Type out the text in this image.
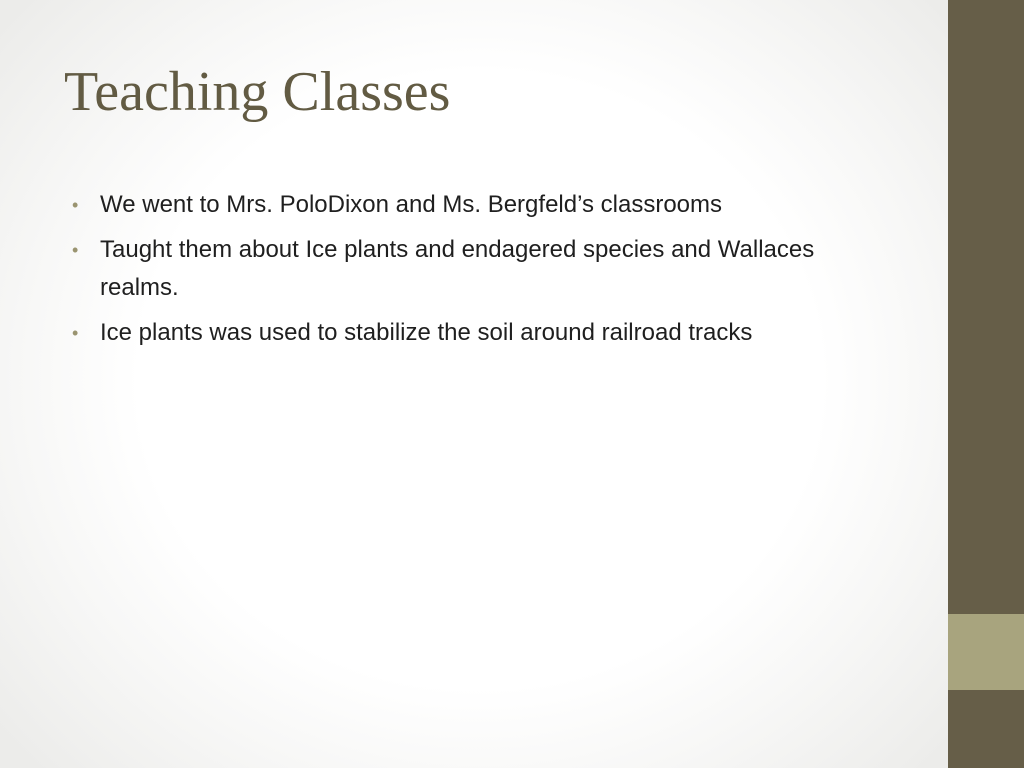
Teaching Classes
• We went to Mrs. PoloDixon and Ms. Bergfeld’s classrooms
• Taught them about Ice plants and endagered species and Wallaces realms.
• Ice plants was used to stabilize the soil around railroad tracks
